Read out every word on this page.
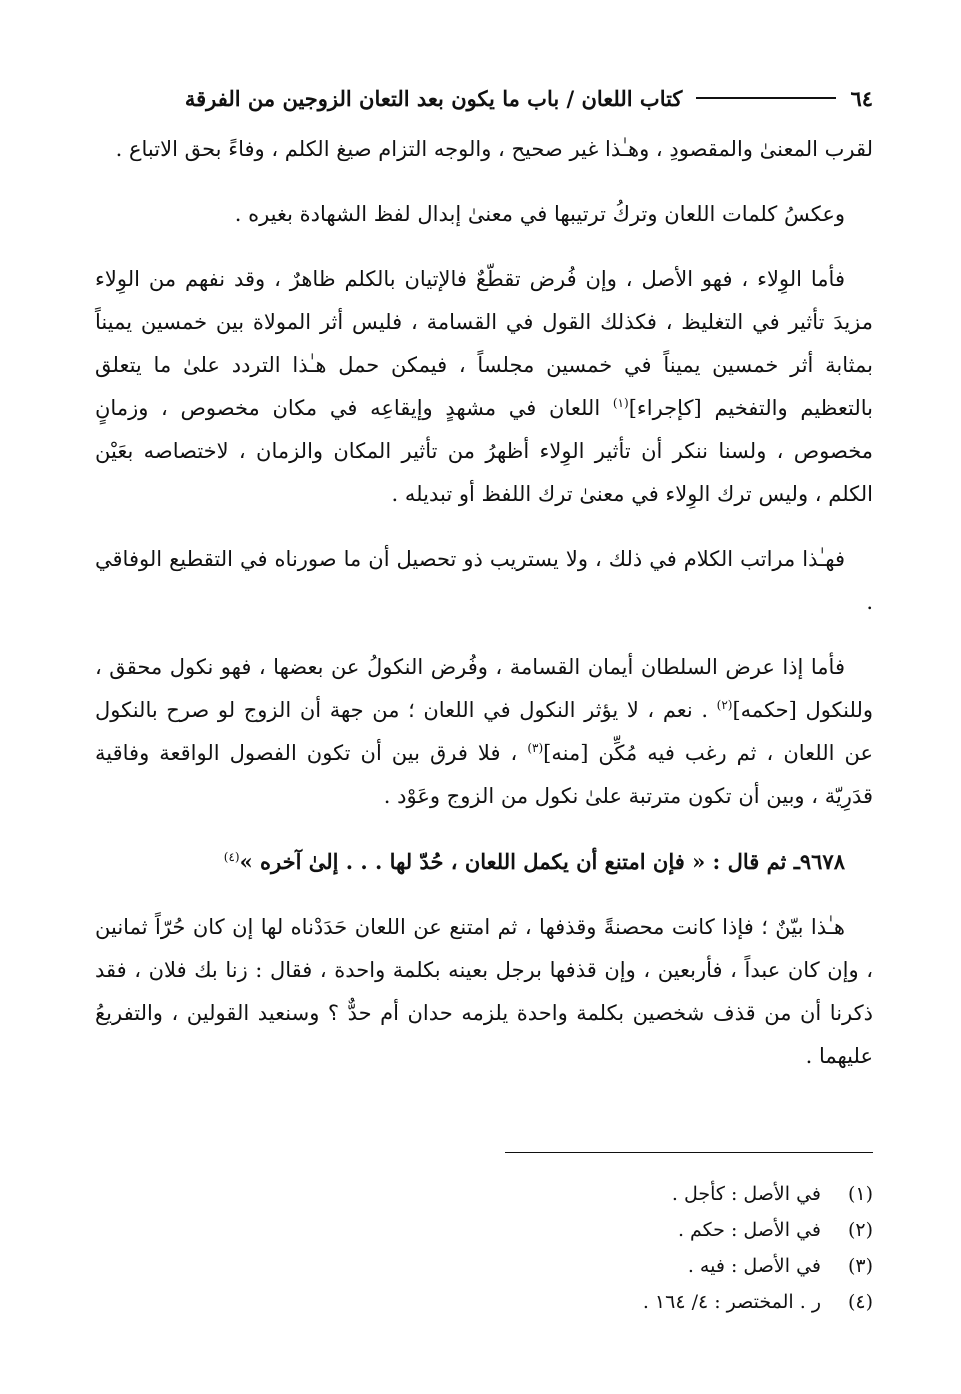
٦٤
كتاب اللعان / باب ما يكون بعد التعان الزوجين من الفرقة

لقرب المعنىٰ والمقصودِ ، وهـٰذا غير صحيح ، والوجه التزام صيغ الكلم ، وفاءً بحق الاتباع .

وعكسُ كلمات اللعان وتركُ ترتيبها في معنىٰ إبدال لفظ الشهادة بغيره .

فأما الوِلاء ، فهو الأصل ، وإن فُرض تقطّعٌ فالإتيان بالكلم ظاهرٌ ، وقد نفهم من الوِلاء مزيدَ تأثير في التغليظ ، فكذلك القول في القسامة ، فليس أثر المولاة بين خمسين يميناً بمثابة أثر خمسين يميناً في خمسين مجلساً ، فيمكن حمل هـٰذا التردد علىٰ ما يتعلق بالتعظيم والتفخيم [كإجراء]$^{(١)}$ اللعان في مشهدٍ وإيقاعِه في مكان مخصوص ، وزمانٍ مخصوص ، ولسنا ننكر أن تأثير الوِلاء أظهرُ من تأثير المكان والزمان ، لاختصاصه بعَيْن الكلم ، وليس ترك الوِلاء في معنىٰ ترك اللفظ أو تبديله .

فهـٰذا مراتب الكلام في ذلك ، ولا يستريب ذو تحصيل أن ما صورناه في التقطيع الوفاقي .

فأما إذا عرض السلطان أيمان القسامة ، وفُرض النكولُ عن بعضها ، فهو نكول محقق ، وللنكول [حكمه]$^{(٢)}$ . نعم ، لا يؤثر النكول في اللعان ؛ من جهة أن الزوج لو صرح بالنكول عن اللعان ، ثم رغب فيه مُكِّن [منه]$^{(٣)}$ ، فلا فرق بين أن تكون الفصول الواقعة وفاقية قدَرِيّة ، وبين أن تكون مترتبة علىٰ نكول من الزوج وعَوْد .

٩٦٧٨ـ ثم قال : « فإن امتنع أن يكمل اللعان ، حُدّ لها . . . إلىٰ آخره »$^{(٤)}$

هـٰذا بيّنٌ ؛ فإذا كانت محصنةً وقذفها ، ثم امتنع عن اللعان حَدَدْناه لها إن كان حُرّاً ثمانين ، وإن كان عبداً ، فأربعين ، وإن قذفها برجل بعينه بكلمة واحدة ، فقال : زنا بك فلان ، فقد ذكرنا أن من قذف شخصين بكلمة واحدة يلزمه حدان أم حدٌّ ؟ وسنعيد القولين ، والتفريعُ عليهما .

(١)
في الأصل : كأجل .
(٢)
في الأصل : حكم .
(٣)
في الأصل : فيه .
(٤)
ر . المختصر : ٤/ ١٦٤ .
